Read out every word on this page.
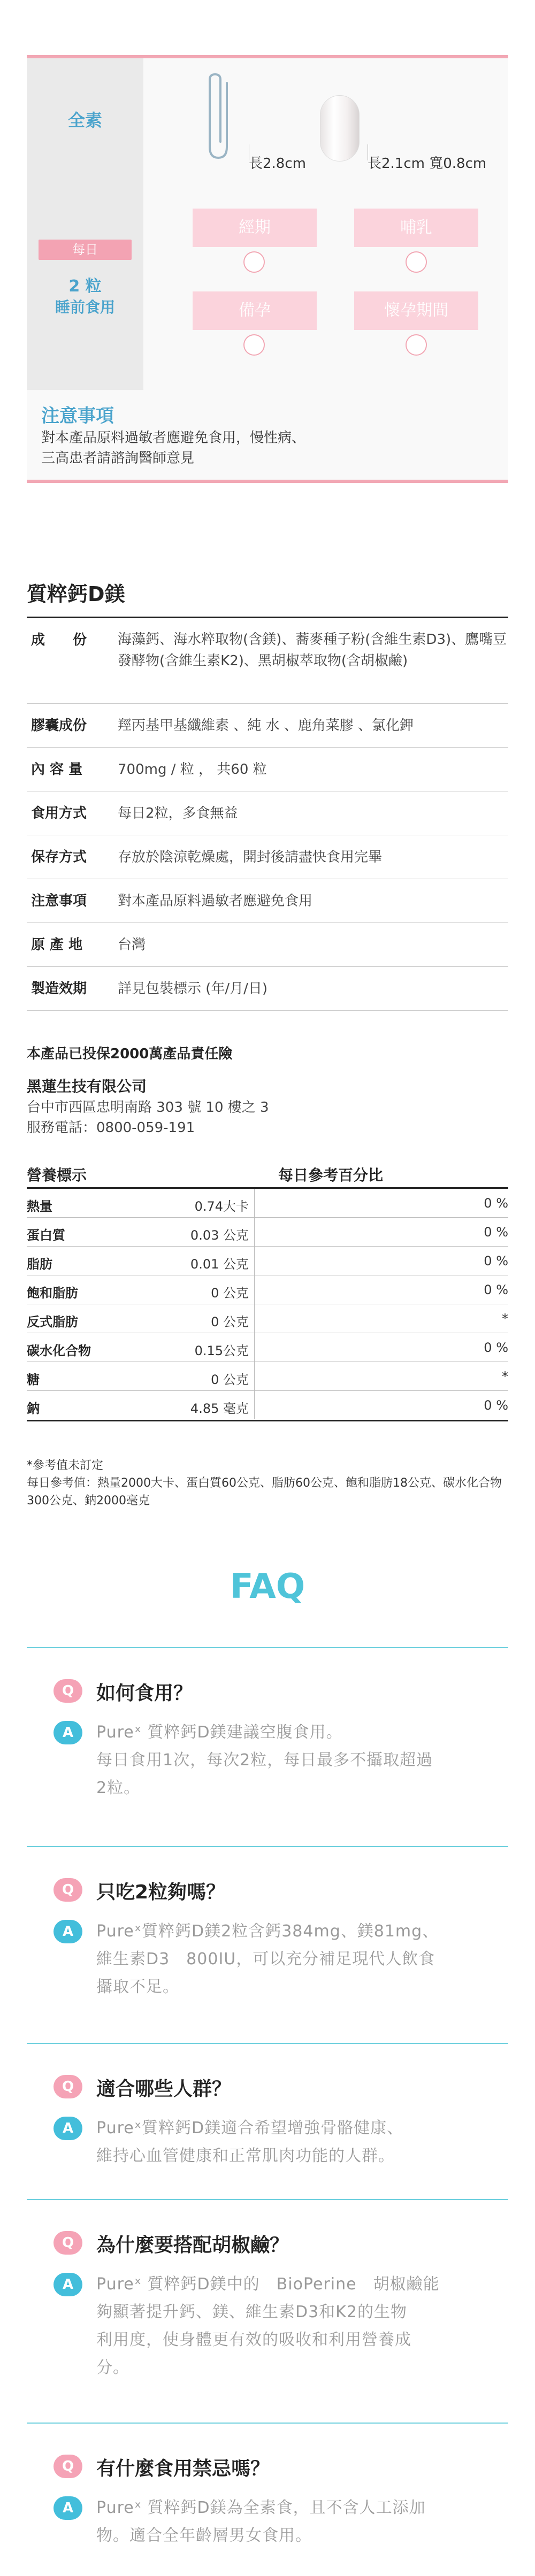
全素
每日
2 粒
睡前食用
長2.8cm	長2.1cm 寬0.8cm
經期	哺乳
備孕	懷孕期間
注意事項
對本產品原料過敏者應避免食用，慢性病、
三高患者請諮詢醫師意見
質粹鈣D鎂
成　　份	海藻鈣、海水粹取物(含鎂)、蕎麥種子粉(含維生素D3)、鷹嘴豆發酵物(含維生素K2)、黑胡椒萃取物(含胡椒鹼)
膠囊成份	羥丙基甲基纖維素 、純 水 、鹿角菜膠 、氯化鉀
內 容 量	700mg / 粒 ， 共60 粒
食用方式	每日2粒，多食無益
保存方式	存放於陰涼乾燥處，開封後請盡快食用完畢
注意事項	對本產品原料過敏者應避免食用
原 產 地	台灣
製造效期	詳見包裝標示 (年/月/日)
本產品已投保2000萬產品責任險
黑蓮生技有限公司
台中市西區忠明南路 303 號 10 樓之 3
服務電話：0800-059-191
營養標示	每日參考百分比
熱量	0.74大卡	0 %
蛋白質	0.03 公克	0 %
脂肪	0.01 公克	0 %
飽和脂肪	0 公克	0 %
反式脂肪	0 公克	*
碳水化合物	0.15公克	0 %
糖	0 公克	*
鈉	4.85 毫克	0 %
*參考值未訂定
每日參考值：熱量2000大卡、蛋白質60公克、脂肪60公克、飽和脂肪18公克、碳水化合物300公克、鈉2000毫克
FAQ
Q	如何食用？
A	Pureˣ 質粹鈣D鎂建議空腹食用。
每日食用1次，每次2粒，每日最多不攝取超過
2粒。
Q	只吃2粒夠嗎？
A	Pureˣ質粹鈣D鎂2粒含鈣384mg、鎂81mg、
維生素D3　800IU，可以充分補足現代人飲食
攝取不足。
Q	適合哪些人群？
A	Pureˣ質粹鈣D鎂適合希望增強骨骼健康、
維持心血管健康和正常肌肉功能的人群。
Q	為什麼要搭配胡椒鹼？
A	Pureˣ 質粹鈣D鎂中的　BioPerine　胡椒鹼能
夠顯著提升鈣、鎂、維生素D3和K2的生物
利用度，使身體更有效的吸收和利用營養成
分。
Q	有什麼食用禁忌嗎？
A	Pureˣ 質粹鈣D鎂為全素食，且不含人工添加
物。適合全年齡層男女食用。
